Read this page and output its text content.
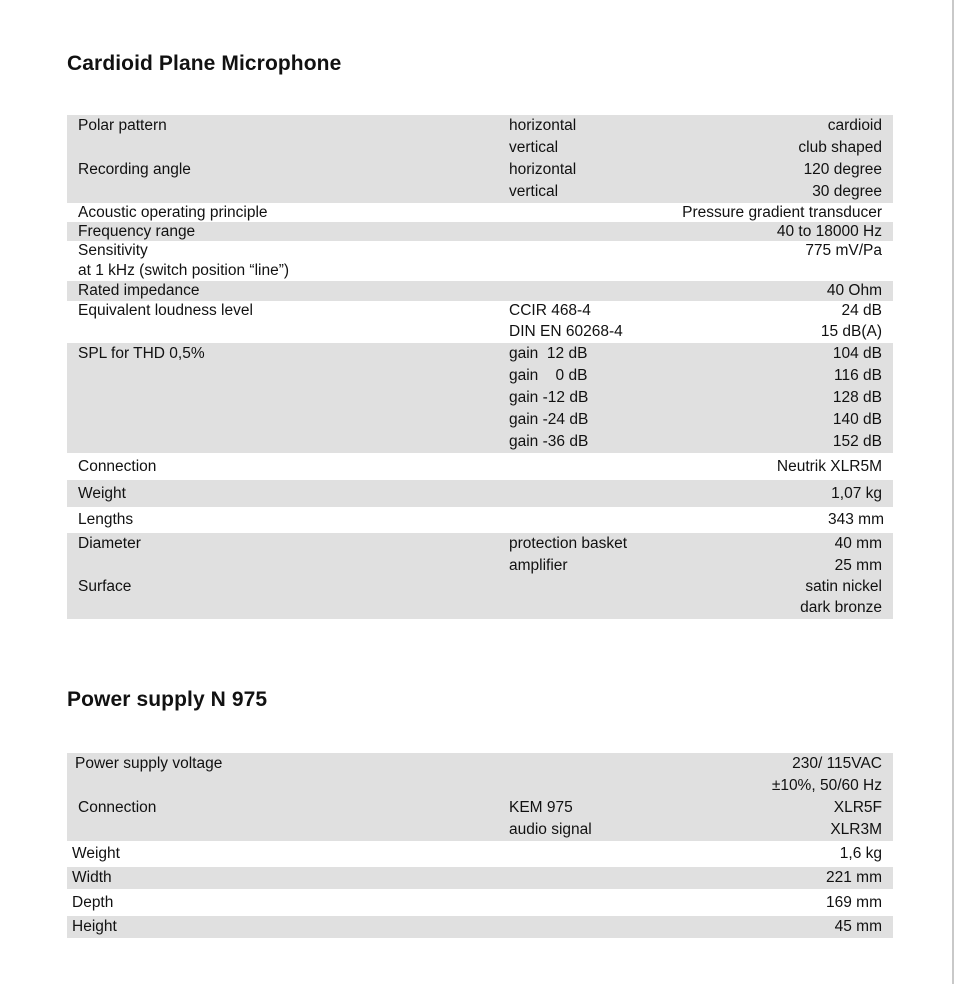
Cardioid Plane Microphone
Polar pattern	horizontal	cardioid
vertical	club shaped
Recording angle	horizontal	120 degree
vertical	30 degree
Acoustic operating principle	Pressure gradient transducer
Frequency range	40 to 18000 Hz
Sensitivity	775 mV/Pa
at 1 kHz (switch position “line”)
Rated impedance	40 Ohm
Equivalent loudness level	CCIR 468-4	24 dB
DIN EN 60268-4	15 dB(A)
SPL for THD 0,5%	gain  12 dB	104 dB
gain    0 dB	116 dB
gain -12 dB	128 dB
gain -24 dB	140 dB
gain -36 dB	152 dB
Connection	Neutrik XLR5M
Weight	1,07 kg
Lengths	343 mm
Diameter	protection basket	40 mm
amplifier	25 mm
Surface	satin nickel
dark bronze
Power supply N 975
Power supply voltage	230/ 115VAC
±10%, 50/60 Hz
Connection	KEM 975	XLR5F
audio signal	XLR3M
Weight	1,6 kg
Width	221 mm
Depth	169 mm
Height	45 mm
